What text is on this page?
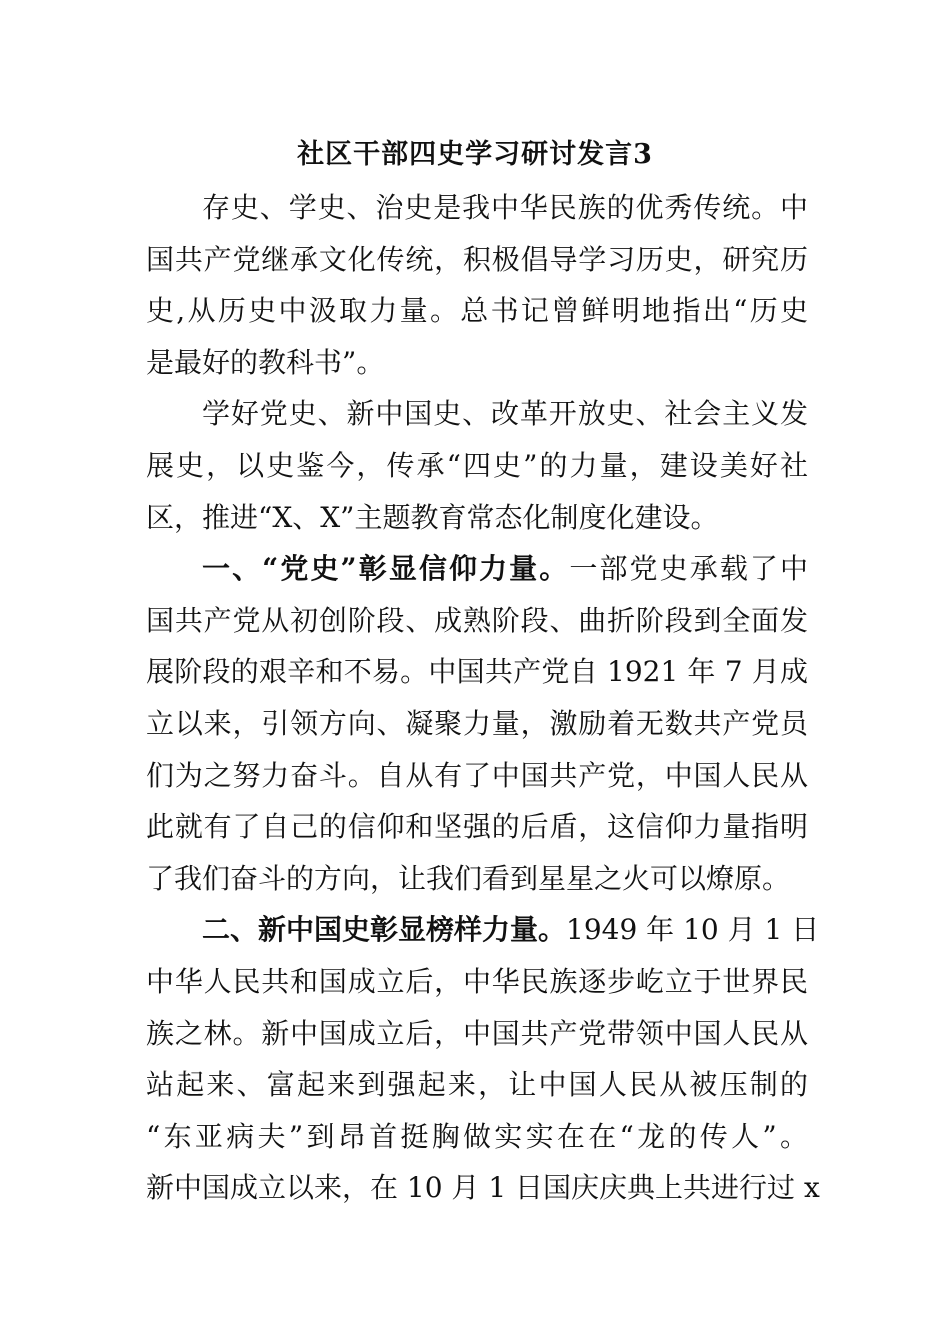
社区干部四史学习研讨发言3
存史、学史、治史是我中华民族的优秀传统。中
国共产党继承文化传统，积极倡导学习历史，研究历
史,从历史中汲取力量。总书记曾鲜明地指出“历史
是最好的教科书”。
学好党史、新中国史、改革开放史、社会主义发
展史，以史鉴今，传承“四史”的力量，建设美好社
区，推进“X、X”主题教育常态化制度化建设。
一、“党史”彰显信仰力量。一部党史承载了中
国共产党从初创阶段、成熟阶段、曲折阶段到全面发
展阶段的艰辛和不易。中国共产党自 1921 年 7 月成
立以来，引领方向、凝聚力量，激励着无数共产党员
们为之努力奋斗。自从有了中国共产党，中国人民从
此就有了自己的信仰和坚强的后盾，这信仰力量指明
了我们奋斗的方向，让我们看到星星之火可以燎原。
二、新中国史彰显榜样力量。1949 年 10 月 1 日
中华人民共和国成立后，中华民族逐步屹立于世界民
族之林。新中国成立后，中国共产党带领中国人民从
站起来、富起来到强起来，让中国人民从被压制的
“东亚病夫”到昂首挺胸做实实在在“龙的传人”。
新中国成立以来，在 10 月 1 日国庆庆典上共进行过 x
